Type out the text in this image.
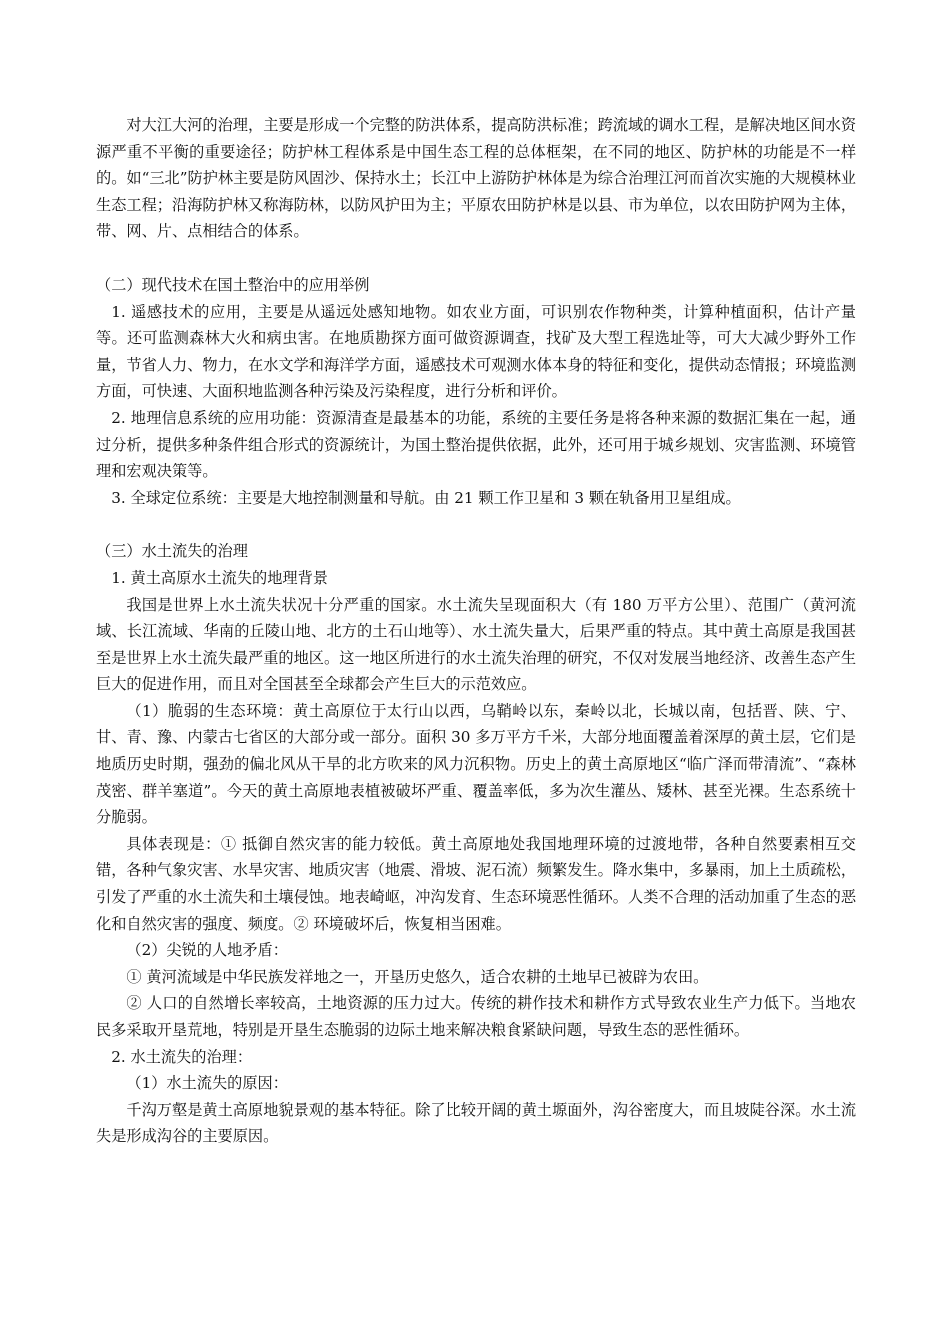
对大江大河的治理，主要是形成一个完整的防洪体系，提高防洪标准；跨流域的调水工程，是解决地区间水资源严重不平衡的重要途径；防护林工程体系是中国生态工程的总体框架，在不同的地区、防护林的功能是不一样的。如“三北”防护林主要是防风固沙、保持水土；长江中上游防护林体是为综合治理江河而首次实施的大规模林业生态工程；沿海防护林又称海防林，以防风护田为主；平原农田防护林是以县、市为单位，以农田防护网为主体，带、网、片、点相结合的体系。

（二）现代技术在国土整治中的应用举例

1. 遥感技术的应用，主要是从遥远处感知地物。如农业方面，可识别农作物种类，计算种植面积，估计产量等。还可监测森林大火和病虫害。在地质勘探方面可做资源调查，找矿及大型工程选址等，可大大减少野外工作量，节省人力、物力，在水文学和海洋学方面，遥感技术可观测水体本身的特征和变化，提供动态情报；环境监测方面，可快速、大面积地监测各种污染及污染程度，进行分析和评价。

2. 地理信息系统的应用功能：资源清查是最基本的功能，系统的主要任务是将各种来源的数据汇集在一起，通过分析，提供多种条件组合形式的资源统计，为国土整治提供依据，此外，还可用于城乡规划、灾害监测、环境管理和宏观决策等。

3. 全球定位系统：主要是大地控制测量和导航。由 21 颗工作卫星和 3 颗在轨备用卫星组成。

（三）水土流失的治理

1. 黄土高原水土流失的地理背景

我国是世界上水土流失状况十分严重的国家。水土流失呈现面积大（有 180 万平方公里）、范围广（黄河流域、长江流域、华南的丘陵山地、北方的土石山地等）、水土流失量大，后果严重的特点。其中黄土高原是我国甚至是世界上水土流失最严重的地区。这一地区所进行的水土流失治理的研究，不仅对发展当地经济、改善生态产生巨大的促进作用，而且对全国甚至全球都会产生巨大的示范效应。

（1）脆弱的生态环境：黄土高原位于太行山以西，乌鞘岭以东，秦岭以北，长城以南，包括晋、陕、宁、甘、青、豫、内蒙古七省区的大部分或一部分。面积 30 多万平方千米，大部分地面覆盖着深厚的黄土层，它们是地质历史时期，强劲的偏北风从干旱的北方吹来的风力沉积物。历史上的黄土高原地区“临广泽而带清流”、“森林茂密、群羊塞道”。今天的黄土高原地表植被破坏严重、覆盖率低，多为次生灌丛、矮林、甚至光裸。生态系统十分脆弱。

具体表现是：① 抵御自然灾害的能力较低。黄土高原地处我国地理环境的过渡地带，各种自然要素相互交错，各种气象灾害、水旱灾害、地质灾害（地震、滑坡、泥石流）频繁发生。降水集中，多暴雨，加上土质疏松，引发了严重的水土流失和土壤侵蚀。地表崎岖，冲沟发育、生态环境恶性循环。人类不合理的活动加重了生态的恶化和自然灾害的强度、频度。② 环境破坏后，恢复相当困难。

（2）尖锐的人地矛盾：

① 黄河流域是中华民族发祥地之一，开垦历史悠久，适合农耕的土地早已被辟为农田。

② 人口的自然增长率较高，土地资源的压力过大。传统的耕作技术和耕作方式导致农业生产力低下。当地农民多采取开垦荒地，特别是开垦生态脆弱的边际土地来解决粮食紧缺问题，导致生态的恶性循环。

2. 水土流失的治理：

（1）水土流失的原因：

千沟万壑是黄土高原地貌景观的基本特征。除了比较开阔的黄土塬面外，沟谷密度大，而且坡陡谷深。水土流失是形成沟谷的主要原因。
